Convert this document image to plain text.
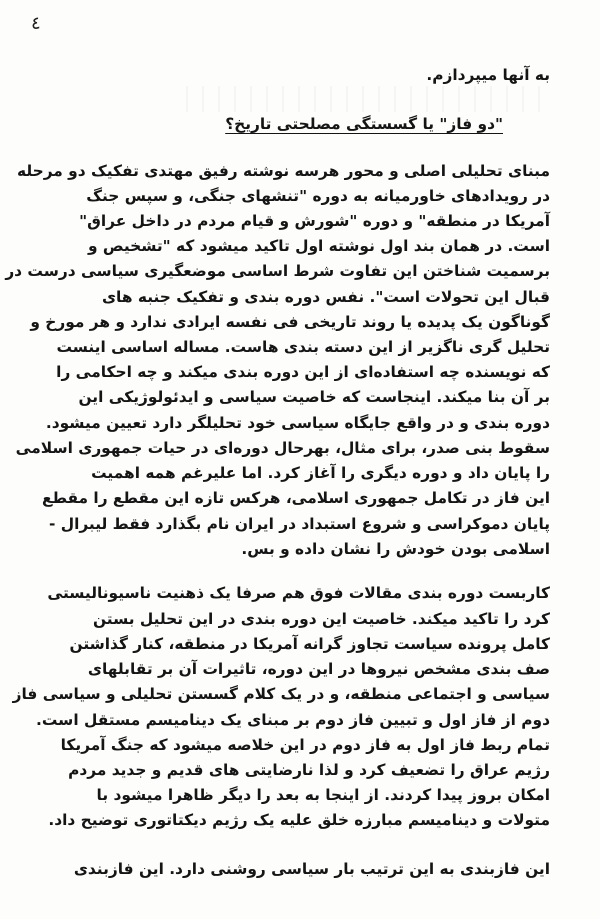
٤
به آنها میپردازم.
"دو فاز" یا گسستگی مصلحتی تاریخ؟
مبنای تحلیلی اصلی و محور هرسه نوشته رفیق مهتدی تفکیک دو مرحله
در رویدادهای خاورمیانه به دوره "تنشهای جنگی، و سپس جنگ
آمریکا در منطقه" و دوره "شورش و قیام مردم در داخل عراق"
است. در همان بند اول نوشته اول تاکید میشود که "تشخیص و
برسمیت شناختن این تفاوت شرط اساسی موضعگیری سیاسی درست در
قبال این تحولات است". نفس دوره بندی و تفکیک جنبه های
گوناگون یک پدیده یا روند تاریخی فی نفسه ایرادی ندارد و هر مورخ و
تحلیل گری ناگزیر از این دسته بندی هاست. مساله اساسی اینست
که نویسنده چه استفاده‌ای از این دوره بندی میکند و چه احکامی را
بر آن بنا میکند. اینجاست که خاصیت سیاسی و ایدئولوژیکی این
دوره بندی و در واقع جایگاه سیاسی خود تحلیلگر دارد تعیین میشود.
سقوط بنی صدر، برای مثال، بهرحال دوره‌ای در حیات جمهوری اسلامی
را پایان داد و دوره دیگری را آغاز کرد. اما علیرغم همه اهمیت
این فاز در تکامل جمهوری اسلامی، هرکس تازه این مقطع را مقطع
پایان دموکراسی و شروع استبداد در ایران نام بگذارد فقط لیبرال -
اسلامی بودن خودش را نشان داده و بس.
کاربست دوره بندی مقالات فوق هم صرفا یک ذهنیت ناسیونالیستی
کرد را تاکید میکند. خاصیت این دوره بندی در این تحلیل بستن
کامل پرونده سیاست تجاوز گرانه آمریکا در منطقه، کنار گذاشتن
صف بندی مشخص نیروها در این دوره، تاثیرات آن بر تقابلهای
سیاسی و اجتماعی منطقه، و در یک کلام گسستن تحلیلی و سیاسی فاز
دوم از فاز اول و تبیین فاز دوم بر مبنای یک دینامیسم مستقل است.
تمام ربط فاز اول به فاز دوم در این خلاصه میشود که جنگ آمریکا
رژیم عراق را تضعیف کرد و لذا نارضایتی های قدیم و جدید مردم
امکان بروز پیدا کردند. از اینجا به بعد را دیگر ظاهرا میشود با
متولات و دینامیسم مبارزه خلق علیه یک رژیم دیکتاتوری توضیح داد.
این فازبندی به این ترتیب بار سیاسی روشنی دارد. این فازبندی
